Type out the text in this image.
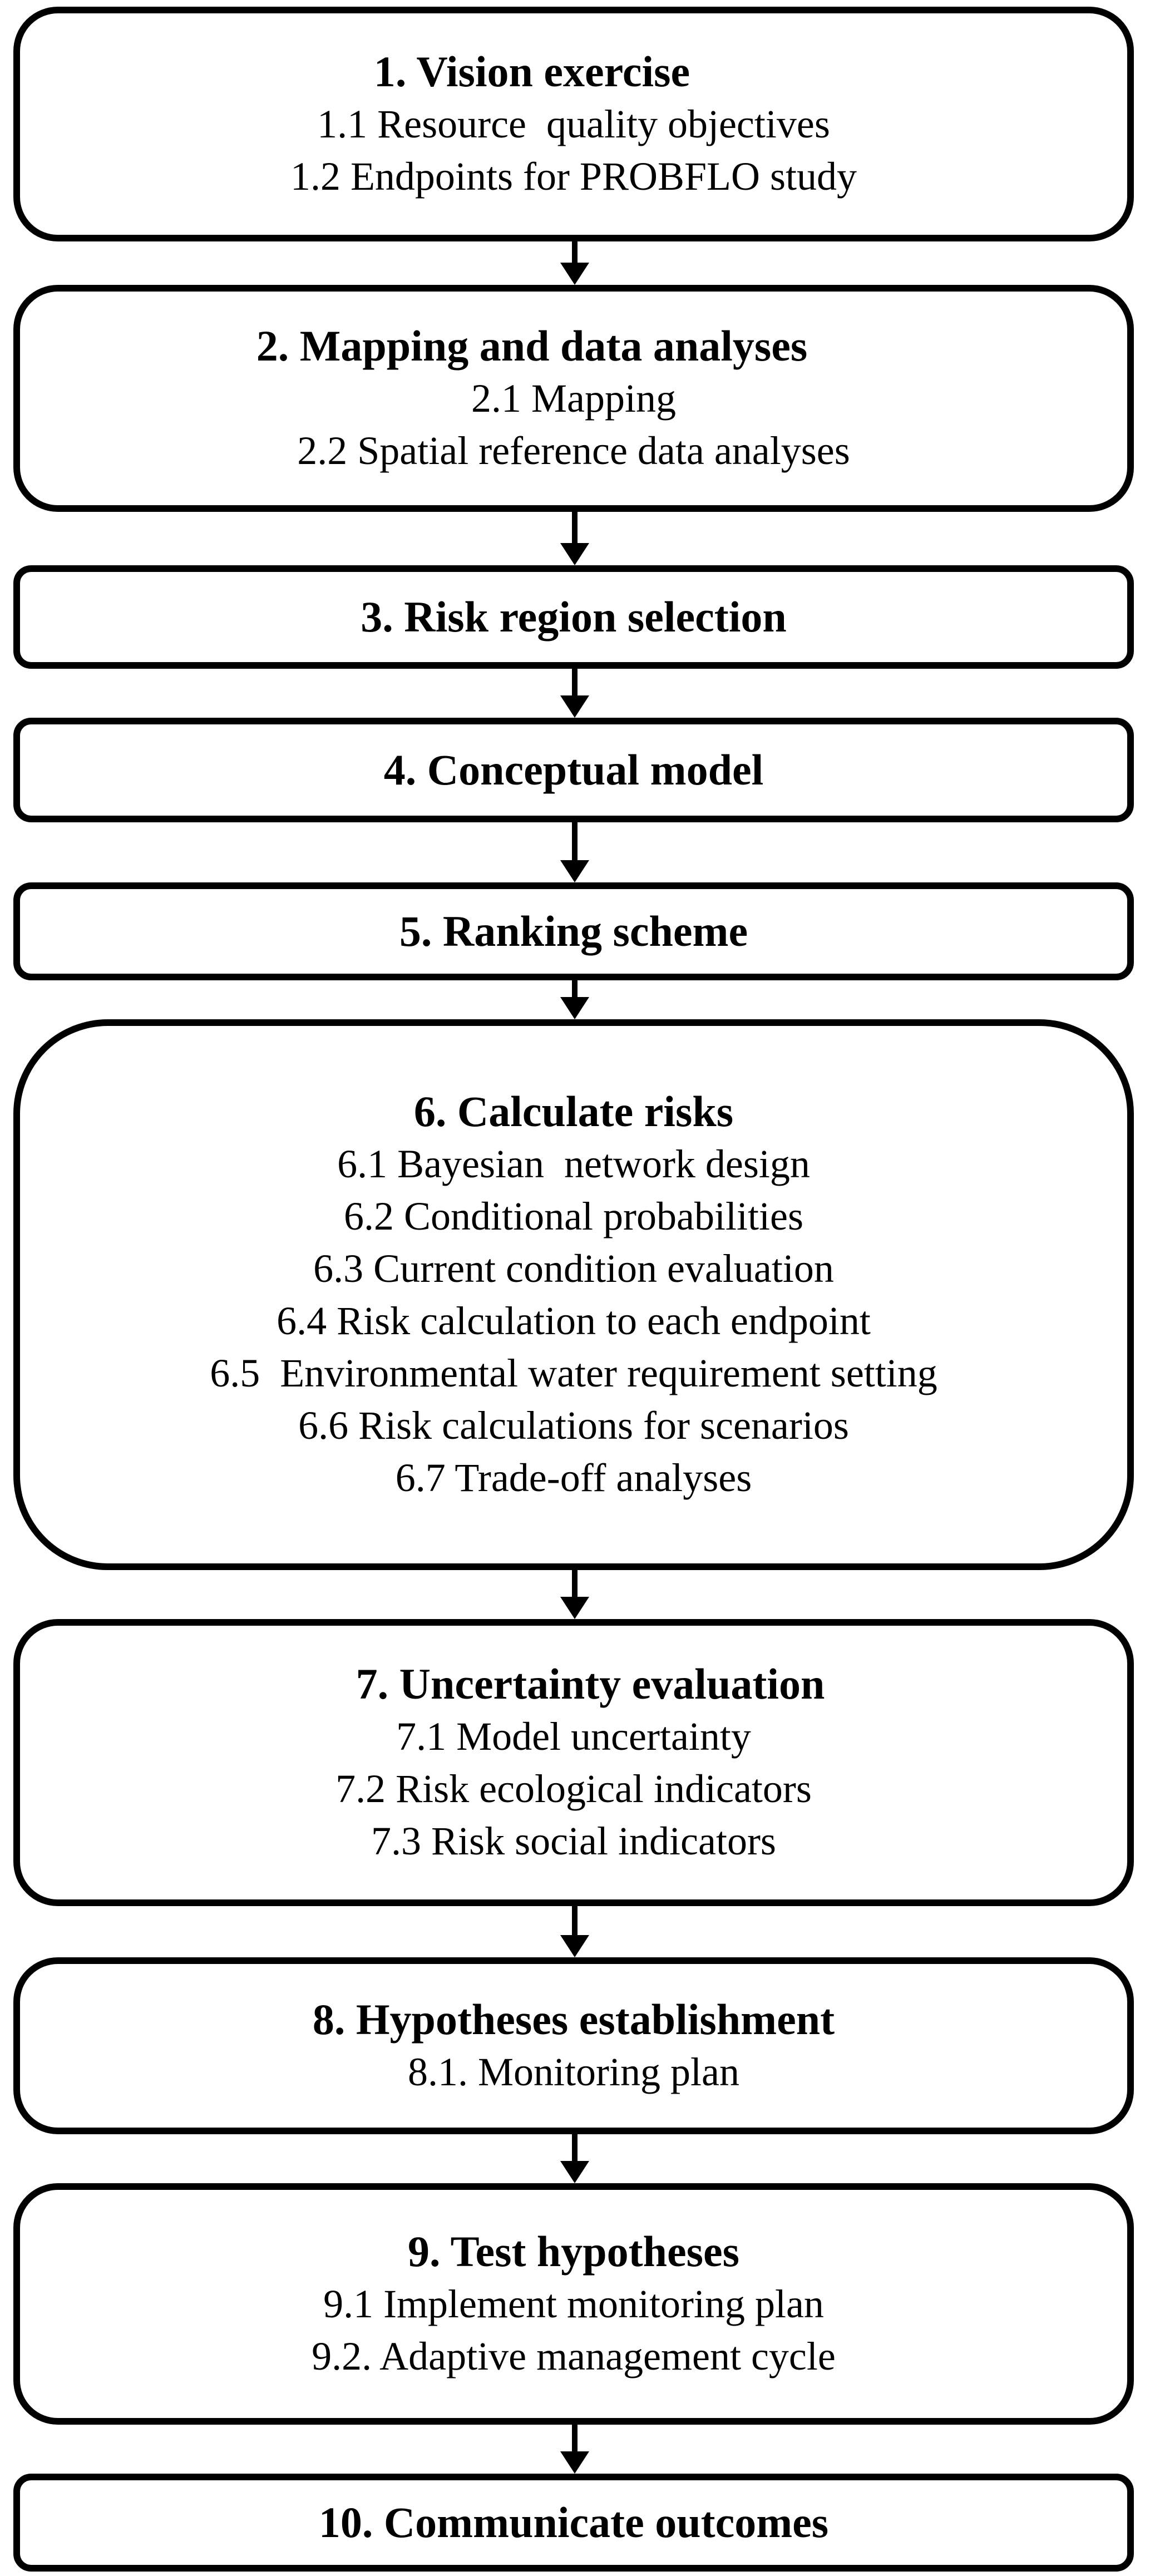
1. Vision exercise
1.1 Resource  quality objectives
1.2 Endpoints for PROBFLO study
2. Mapping and data analyses
2.1 Mapping
2.2 Spatial reference data analyses
3. Risk region selection
4. Conceptual model
5. Ranking scheme
6. Calculate risks
6.1 Bayesian  network design
6.2 Conditional probabilities
6.3 Current condition evaluation
6.4 Risk calculation to each endpoint
6.5  Environmental water requirement setting
6.6 Risk calculations for scenarios
6.7 Trade-off analyses
7. Uncertainty evaluation
7.1 Model uncertainty
7.2 Risk ecological indicators
7.3 Risk social indicators
8. Hypotheses establishment
8.1. Monitoring plan
9. Test hypotheses
9.1 Implement monitoring plan
9.2. Adaptive management cycle
10. Communicate outcomes
